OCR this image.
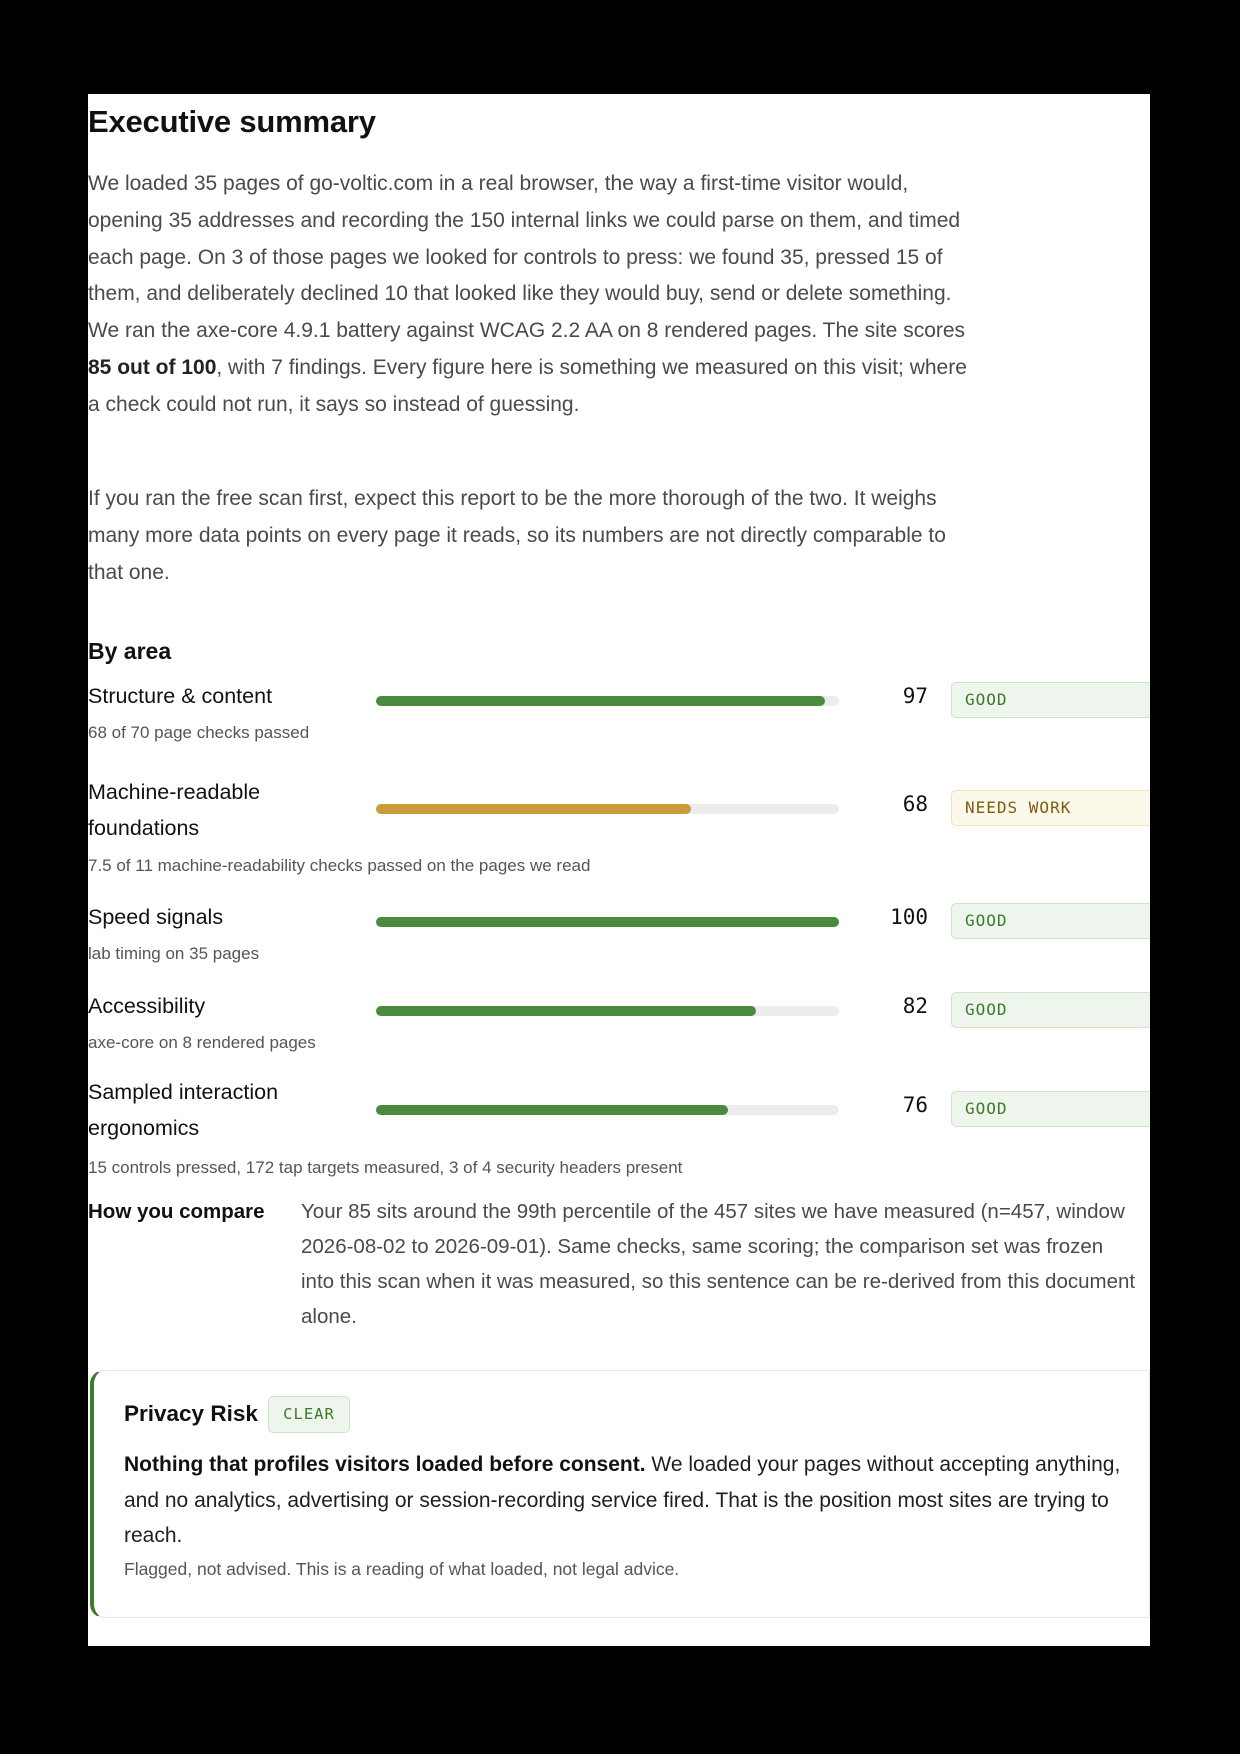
Executive summary

We loaded 35 pages of go-voltic.com in a real browser, the way a first-time visitor would, opening 35 addresses and recording the 150 internal links we could parse on them, and timed each page. On 3 of those pages we looked for controls to press: we found 35, pressed 15 of them, and deliberately declined 10 that looked like they would buy, send or delete something. We ran the axe-core 4.9.1 battery against WCAG 2.2 AA on 8 rendered pages. The site scores 85 out of 100, with 7 findings. Every figure here is something we measured on this visit; where a check could not run, it says so instead of guessing.

If you ran the free scan first, expect this report to be the more thorough of the two. It weighs many more data points on every page it reads, so its numbers are not directly comparable to that one.

By area
Structure & content	97	GOOD
68 of 70 page checks passed
Machine-readable foundations
68	NEEDS WORK
7.5 of 11 machine-readability checks passed on the pages we read
Speed signals	100	GOOD
lab timing on 35 pages
Accessibility	82	GOOD
axe-core on 8 rendered pages
Sampled interaction ergonomics
76	GOOD
15 controls pressed, 172 tap targets measured, 3 of 4 security headers present
How you compare Your 85 sits around the 99th percentile of the 457 sites we have measured (n=457, window 2026-08-02 to 2026-09-01). Same checks, same scoring; the comparison set was frozen into this scan when it was measured, so this sentence can be re-derived from this document alone.
Privacy Risk	CLEAR
Nothing that profiles visitors loaded before consent. We loaded your pages without accepting anything, and no analytics, advertising or session-recording service fired. That is the position most sites are trying to reach.
Flagged, not advised. This is a reading of what loaded, not legal advice.
